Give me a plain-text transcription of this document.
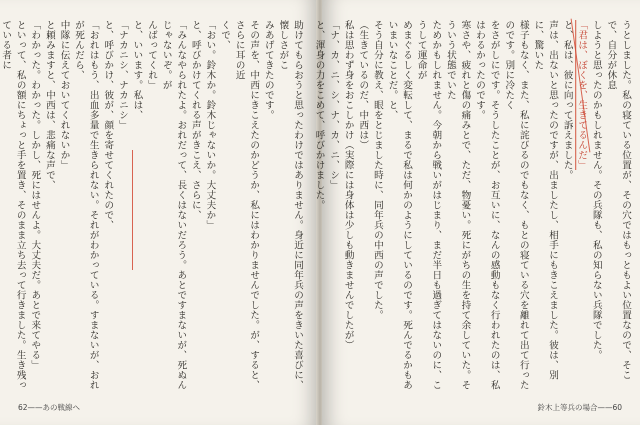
助けてもらおうと思ったわけではありません。身近に同年兵の声をきいた喜びに、懐しさがこ

みあげてきたのです。

その声を、中西にきこえたのかどうか、私にはわかりませんでした。が、すると、さらに耳の近

くで、

「おい。鈴木か。鈴木じゃないか。大丈夫か」

と、呼びかけてくれる声がきこえ、さらに、

「みんなやられたよ。おれだって、長くはないだろう。あとですまないが、死ぬんじゃないぞ。が

んばってくれ」

と、いいます。私は、

「ナカニシ、ナカニシ」

と、呼びかけ、彼が、顔を寄せてくれたので、

「おれはもう、出血多量で生きられない。それがわかっている。すまないが、おれが死んだら、

中隊に伝えておいてくれないか」

と頼みますと、中西は、悲痛な声で、

「わかった。わかった。しかし、死にはせんよ。大丈夫だ。あとで来てやる」

といって、私の額にちょっと手を置き、そのまま立ち去って行きました。生き残っている者に

62——あの戦線へ

うとしました。私の寝ている位置が、その穴ではもっともよい位置なので、そこで、自分が休息

しようと思ったのかもしれません。その兵隊も、私の知らない兵隊でした。

「君は、ぼくを、生きてるんだ」

と、私は、彼に向って訴えました。

声は、出ないと思ったのですが、出ましたし、相手にもきこえました。彼は、別に、驚いた

様子もなく、また、私に詫びるのでもなく、もとの寝ている穴を離れて出て行ったのです。別に冷たく

をさがしにです。そうしたことが、お互いに、なんの感動もなく行われたのは、私はわるかったのです。

寒さや、疲れと傷の痛みとで、ただ、物憂い。死にがちの生を持て余していた。そういう状態でいた

ためかもしれません。今朝から戦いがはじまり、まだ半日も過ぎてはないのに、こうして運命が

めまぐるしく変転して、まるで私は何かのようにしているのです。死んでるかもあいまいなことだ。と、

そう自分に教え、眼をとじました時に、同年兵の中西の声でした。

（生きているのだ、中西は）

私は思わず身をおこしかけ（実際には身体は少しも動きませんでしたが）

「ナ、カ、ニ、シ、ナ、カ、ニ、シ」

と、渾身の力をこめて、呼びかけました。

鈴木上等兵の場合——60
